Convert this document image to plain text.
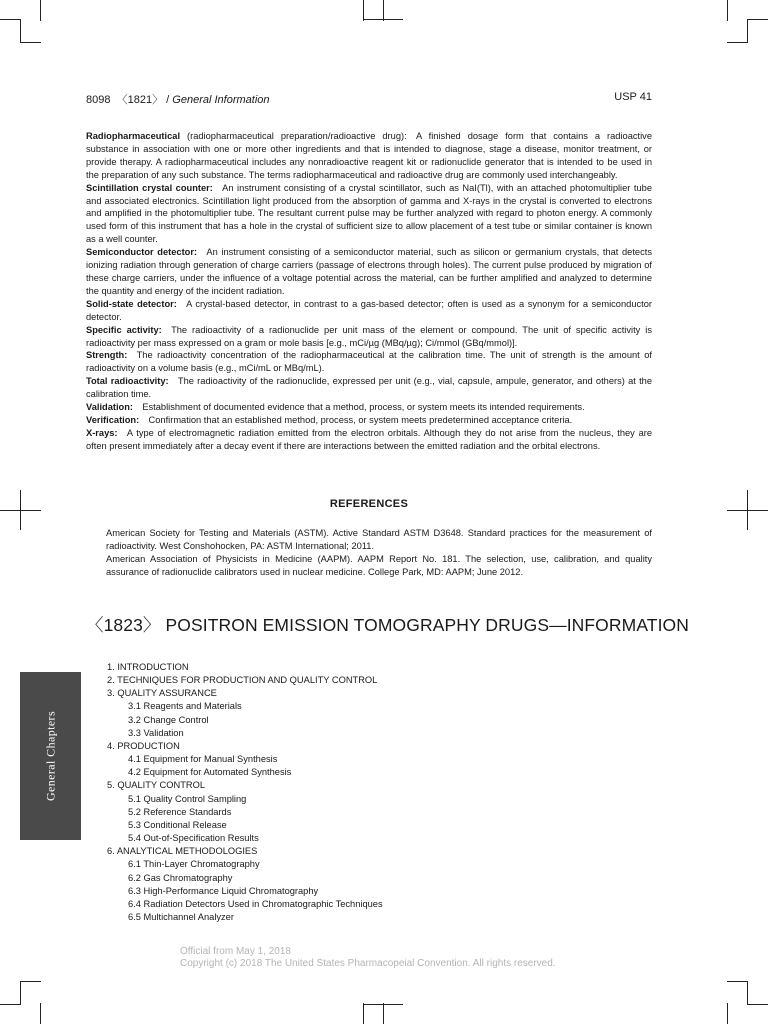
8098 〈1821〉 / General Information	USP 41

Radiopharmaceutical (radiopharmaceutical preparation/radioactive drug):  A finished dosage form that contains a radioactive substance in association with one or more other ingredients and that is intended to diagnose, stage a disease, monitor treatment, or provide therapy. A radiopharmaceutical includes any nonradioactive reagent kit or radionuclide generator that is intended to be used in the preparation of any such substance. The terms radiopharmaceutical and radioactive drug are commonly used interchangeably.

Scintillation crystal counter:  An instrument consisting of a crystal scintillator, such as NaI(Tl), with an attached photomultiplier tube and associated electronics. Scintillation light produced from the absorption of gamma and X-rays in the crystal is converted to electrons and amplified in the photomultiplier tube. The resultant current pulse may be further analyzed with regard to photon energy. A commonly used form of this instrument that has a hole in the crystal of sufficient size to allow placement of a test tube or similar container is known as a well counter.

Semiconductor detector:  An instrument consisting of a semiconductor material, such as silicon or germanium crystals, that detects ionizing radiation through generation of charge carriers (passage of electrons through holes). The current pulse produced by migration of these charge carriers, under the influence of a voltage potential across the material, can be further amplified and analyzed to determine the quantity and energy of the incident radiation.

Solid-state detector:  A crystal-based detector, in contrast to a gas-based detector; often is used as a synonym for a semiconductor detector.

Specific activity:  The radioactivity of a radionuclide per unit mass of the element or compound. The unit of specific activity is radioactivity per mass expressed on a gram or mole basis [e.g., mCi/µg (MBq/µg); Ci/mmol (GBq/mmol)].

Strength:  The radioactivity concentration of the radiopharmaceutical at the calibration time. The unit of strength is the amount of radioactivity on a volume basis (e.g., mCi/mL or MBq/mL).

Total radioactivity:  The radioactivity of the radionuclide, expressed per unit (e.g., vial, capsule, ampule, generator, and others) at the calibration time.

Validation:  Establishment of documented evidence that a method, process, or system meets its intended requirements.

Verification:  Confirmation that an established method, process, or system meets predetermined acceptance criteria.

X-rays:  A type of electromagnetic radiation emitted from the electron orbitals. Although they do not arise from the nucleus, they are often present immediately after a decay event if there are interactions between the emitted radiation and the orbital electrons.

REFERENCES

American Society for Testing and Materials (ASTM). Active Standard ASTM D3648. Standard practices for the measurement of radioactivity. West Conshohocken, PA: ASTM International; 2011.

American Association of Physicists in Medicine (AAPM). AAPM Report No. 181. The selection, use, calibration, and quality assurance of radionuclide calibrators used in nuclear medicine. College Park, MD: AAPM; June 2012.

〈1823〉 POSITRON EMISSION TOMOGRAPHY DRUGS—INFORMATION
1. INTRODUCTION
2. TECHNIQUES FOR PRODUCTION AND QUALITY CONTROL
3. QUALITY ASSURANCE
3.1 Reagents and Materials
3.2 Change Control
3.3 Validation
4. PRODUCTION
4.1 Equipment for Manual Synthesis
4.2 Equipment for Automated Synthesis
5. QUALITY CONTROL
5.1 Quality Control Sampling
5.2 Reference Standards
5.3 Conditional Release
5.4 Out-of-Specification Results
6. ANALYTICAL METHODOLOGIES
6.1 Thin-Layer Chromatography
6.2 Gas Chromatography
6.3 High-Performance Liquid Chromatography
6.4 Radiation Detectors Used in Chromatographic Techniques
6.5 Multichannel Analyzer
General Chapters
Official from May 1, 2018
Copyright (c) 2018 The United States Pharmacopeial Convention. All rights reserved.
